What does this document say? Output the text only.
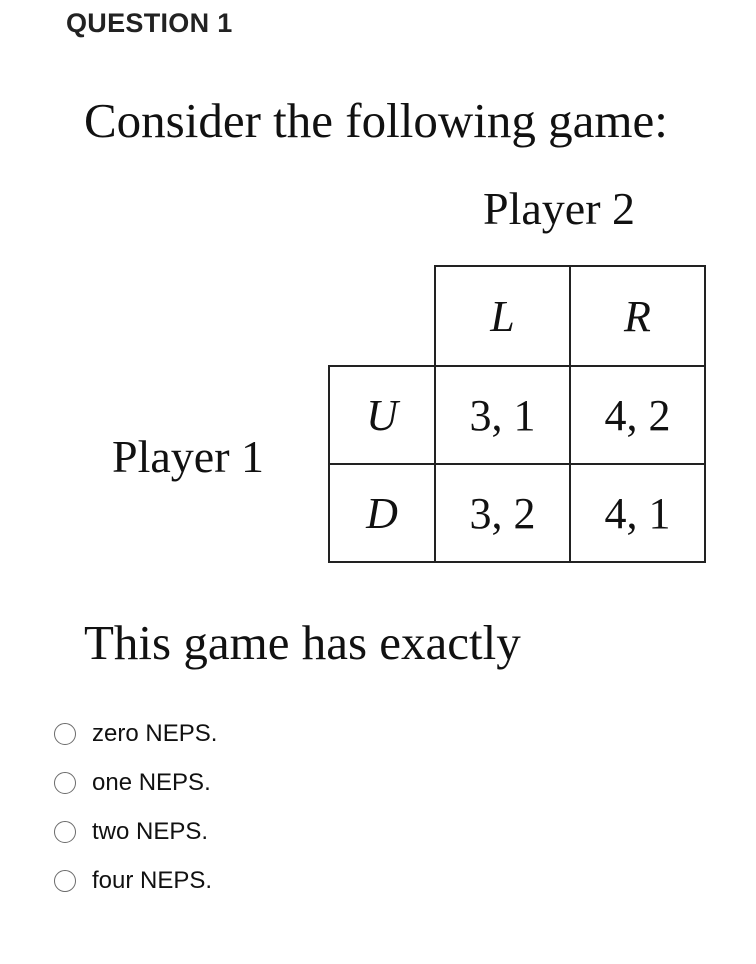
QUESTION 1
Consider the following game:
Player 2
Player 1
	L	R
U	3, 1	4, 2
D	3, 2	4, 1
This game has exactly
zero NEPS.
one NEPS.
two NEPS.
four NEPS.
